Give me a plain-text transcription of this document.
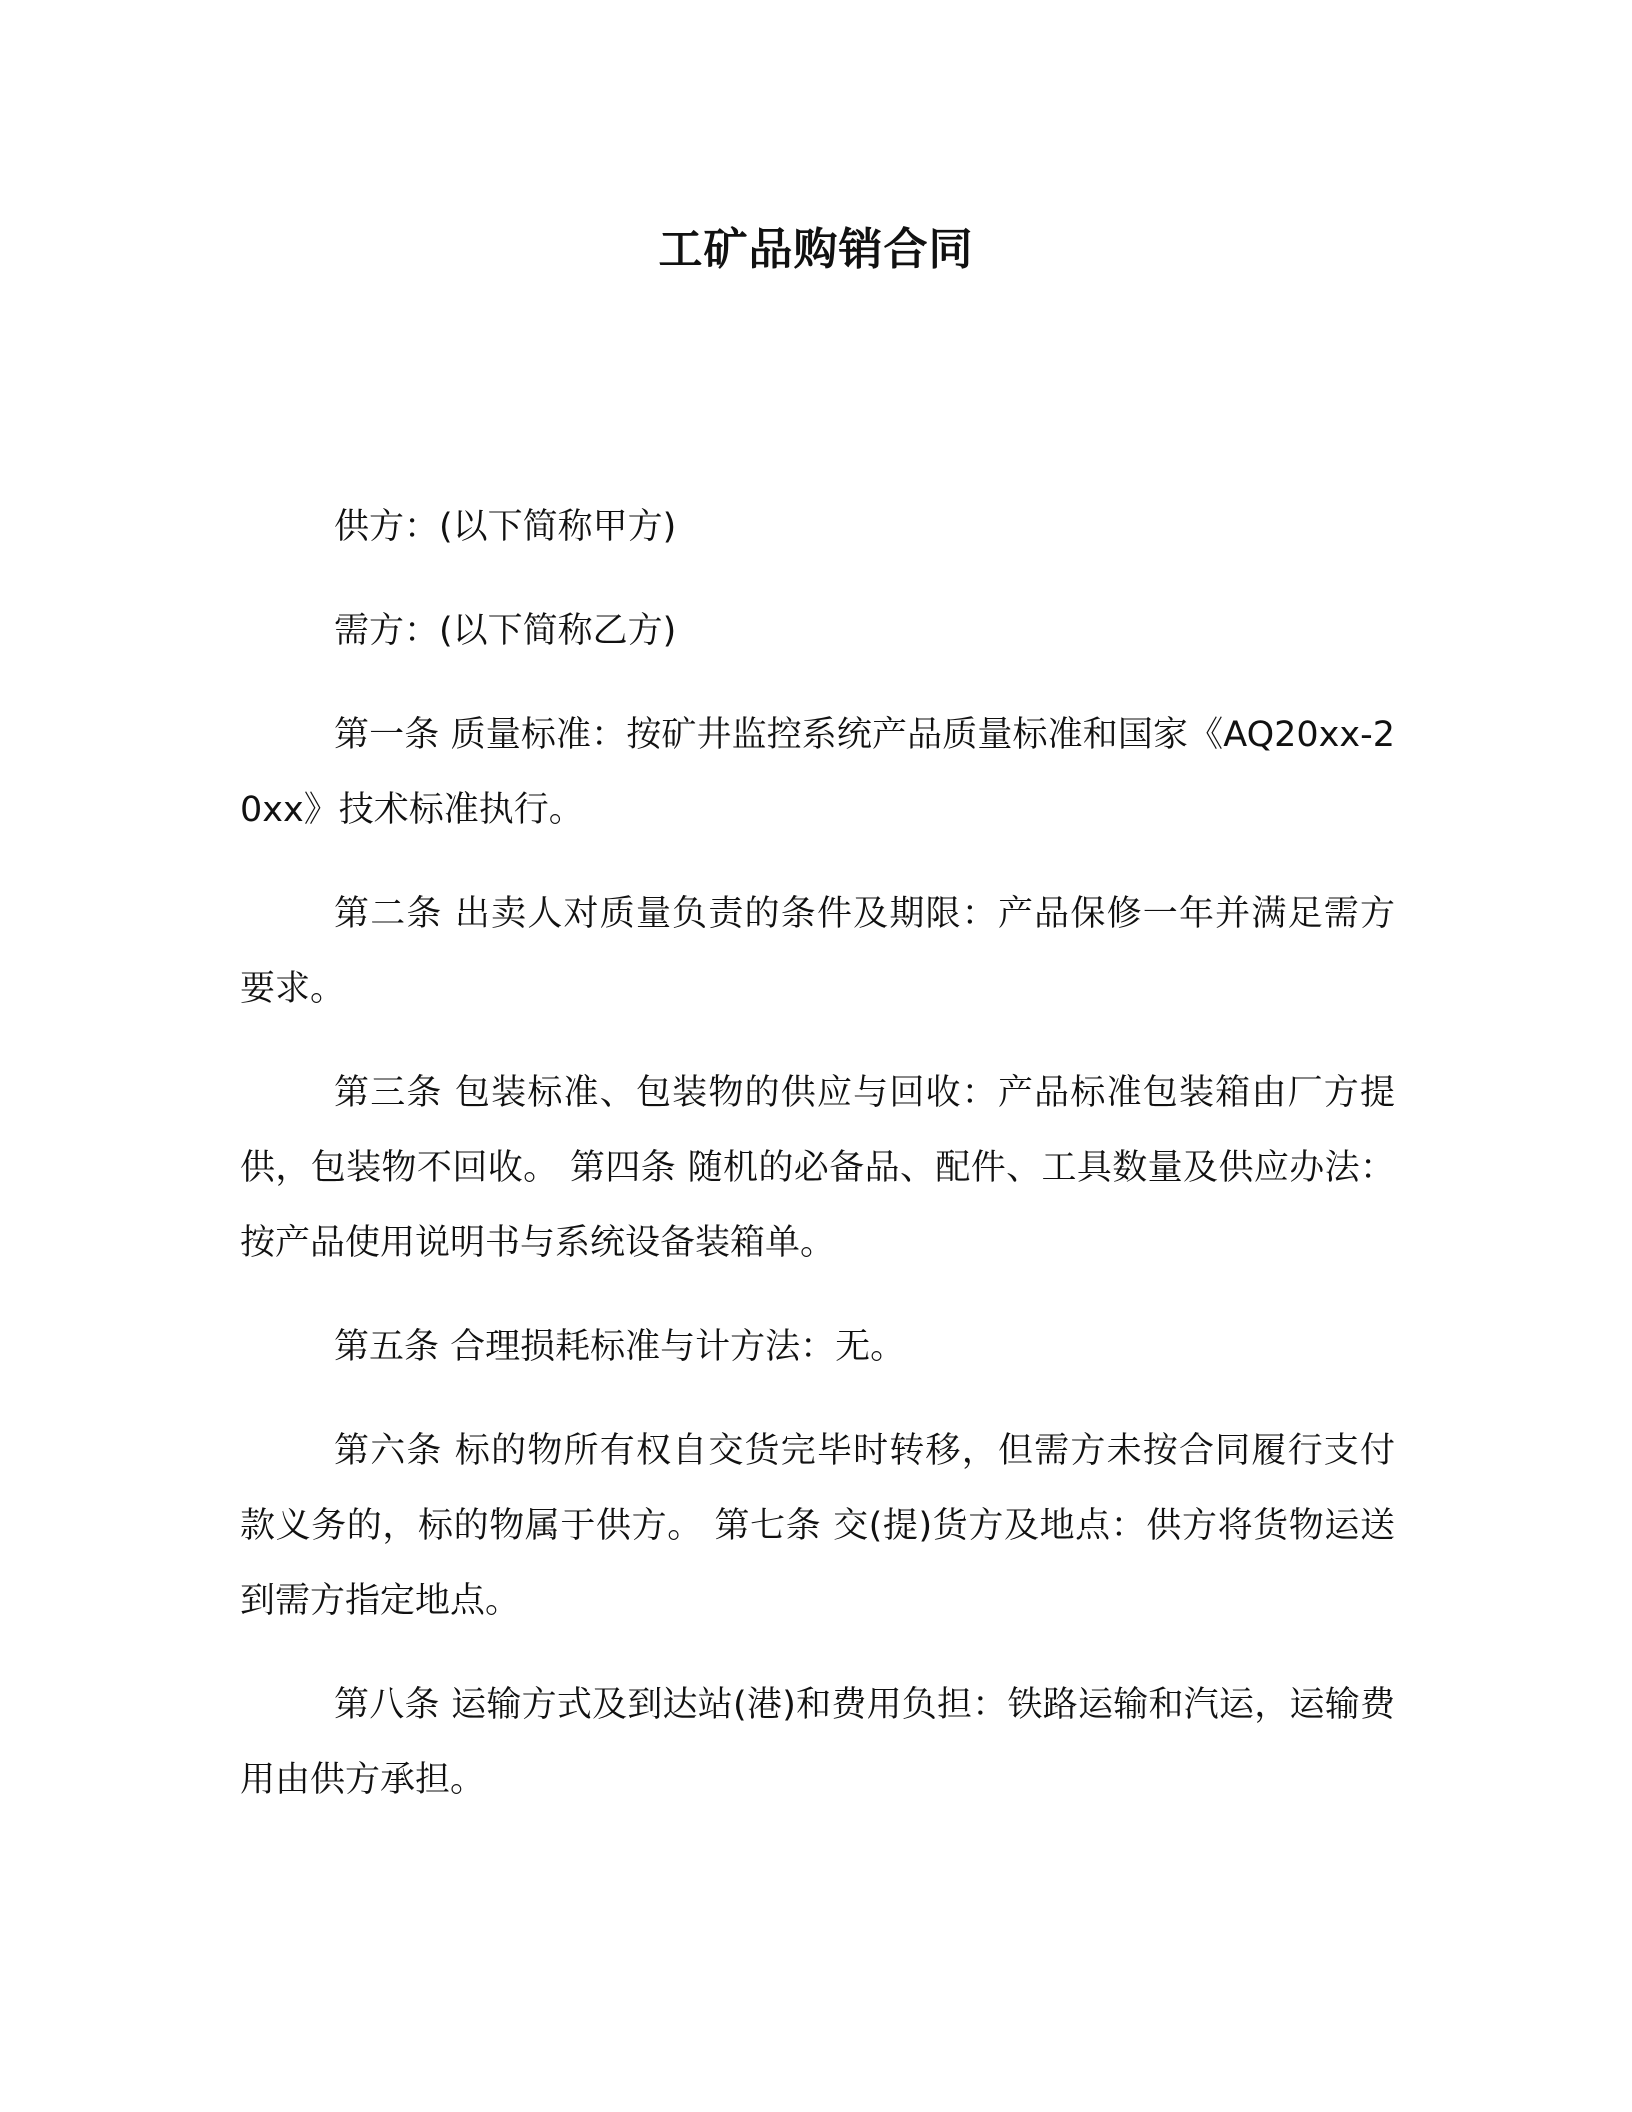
工矿品购销合同

供方：(以下简称甲方)

需方：(以下简称乙方)

第一条 质量标准：按矿井监控系统产品质量标准和国家《AQ20xx-20xx》技术标准执行。

第二条 出卖人对质量负责的条件及期限：产品保修一年并满足需方要求。

第三条 包装标准、包装物的供应与回收：产品标准包装箱由厂方提供，包装物不回收。 第四条 随机的必备品、配件、工具数量及供应办法：按产品使用说明书与系统设备装箱单。

第五条 合理损耗标准与计方法：无。

第六条 标的物所有权自交货完毕时转移，但需方未按合同履行支付款义务的，标的物属于供方。 第七条 交(提)货方及地点：供方将货物运送到需方指定地点。

第八条 运输方式及到达站(港)和费用负担：铁路运输和汽运，运输费用由供方承担。
